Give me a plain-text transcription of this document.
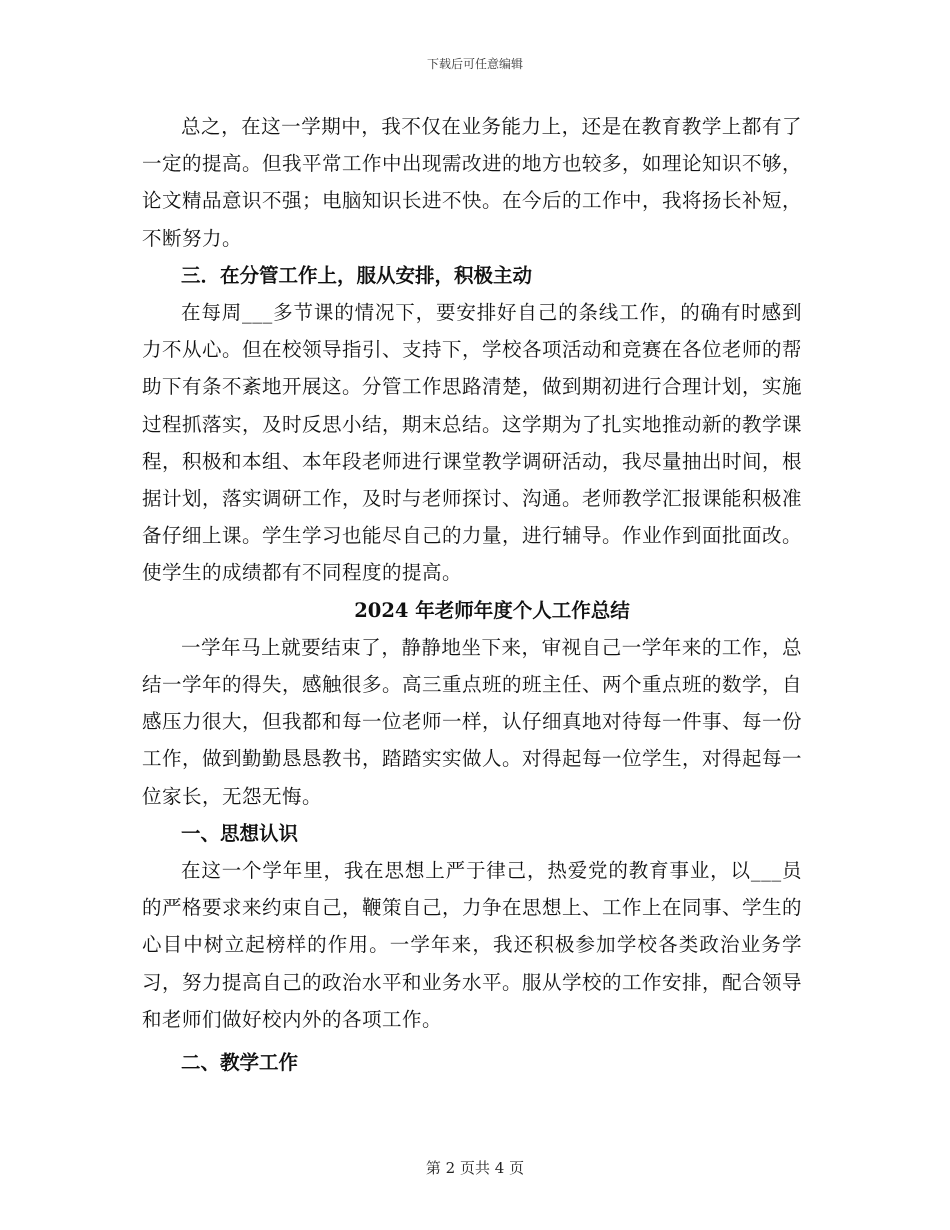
下载后可任意编辑

总之，在这一学期中，我不仅在业务能力上，还是在教育教学上都有了一定的提高。但我平常工作中出现需改进的地方也较多，如理论知识不够，论文精品意识不强；电脑知识长进不快。在今后的工作中，我将扬长补短，不断努力。

三．在分管工作上，服从安排，积极主动

在每周___多节课的情况下，要安排好自己的条线工作，的确有时感到力不从心。但在校领导指引、支持下，学校各项活动和竞赛在各位老师的帮助下有条不紊地开展这。分管工作思路清楚，做到期初进行合理计划，实施过程抓落实，及时反思小结，期末总结。这学期为了扎实地推动新的教学课程，积极和本组、本年段老师进行课堂教学调研活动，我尽量抽出时间，根据计划，落实调研工作，及时与老师探讨、沟通。老师教学汇报课能积极准备仔细上课。学生学习也能尽自己的力量，进行辅导。作业作到面批面改。使学生的成绩都有不同程度的提高。

2024 年老师年度个人工作总结

一学年马上就要结束了，静静地坐下来，审视自己一学年来的工作，总结一学年的得失，感触很多。高三重点班的班主任、两个重点班的数学，自感压力很大，但我都和每一位老师一样，认仔细真地对待每一件事、每一份工作，做到勤勤恳恳教书，踏踏实实做人。对得起每一位学生，对得起每一位家长，无怨无悔。

一、思想认识

在这一个学年里，我在思想上严于律己，热爱党的教育事业，以___员的严格要求来约束自己，鞭策自己，力争在思想上、工作上在同事、学生的心目中树立起榜样的作用。一学年来，我还积极参加学校各类政治业务学习，努力提高自己的政治水平和业务水平。服从学校的工作安排，配合领导和老师们做好校内外的各项工作。

二、教学工作

第 2 页共 4 页
